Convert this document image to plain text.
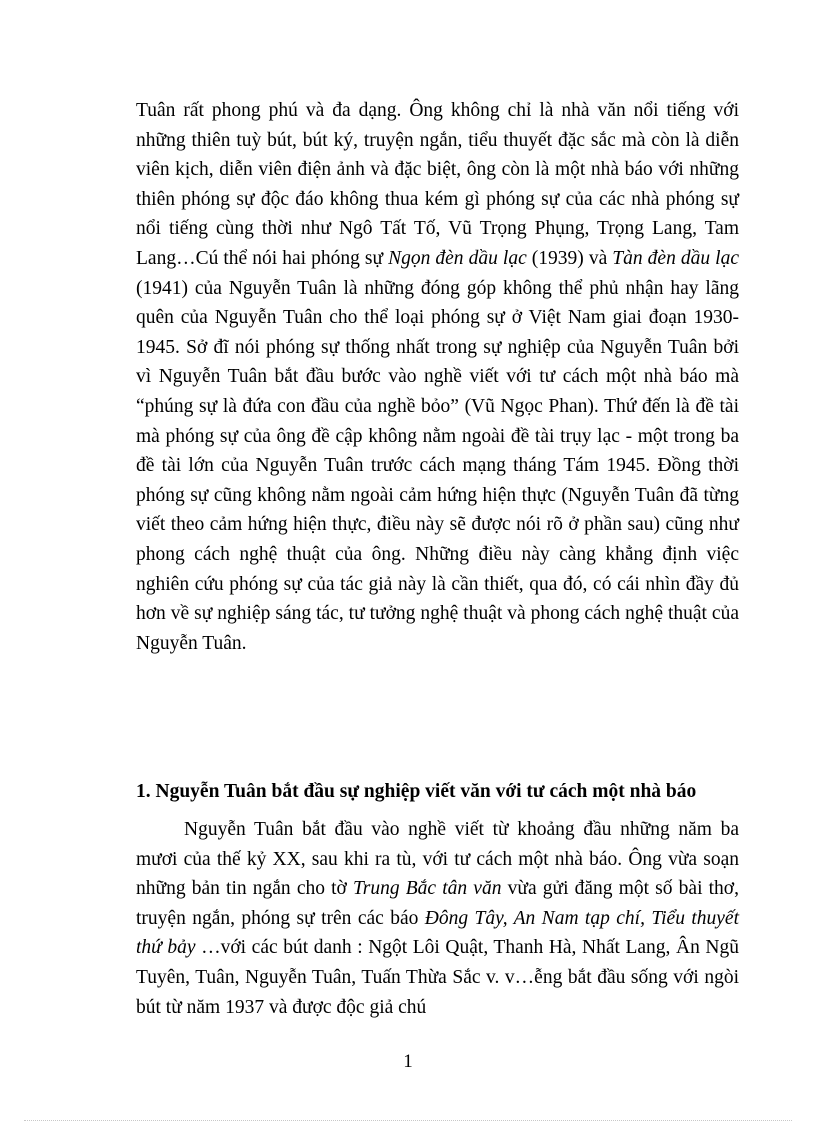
Tuân rất phong phú và đa dạng. Ông không chỉ là nhà văn nổi tiếng với những thiên tuỳ bút, bút ký, truyện ngắn, tiểu thuyết đặc sắc mà còn là diễn viên kịch, diễn viên điện ảnh và đặc biệt, ông còn là một nhà báo với những thiên phóng sự độc đáo không thua kém gì phóng sự của các nhà phóng sự nổi tiếng cùng thời như Ngô Tất Tố, Vũ Trọng Phụng, Trọng Lang, Tam Lang…Cú thể nói hai phóng sự Ngọn đèn dầu lạc (1939) và Tàn đèn dầu lạc (1941) của Nguyễn Tuân là những đóng góp không thể phủ nhận hay lãng quên của Nguyễn Tuân cho thể loại phóng sự ở Việt Nam giai đoạn 1930-1945. Sở đĩ nói phóng sự thống nhất trong sự nghiệp của Nguyễn Tuân bởi vì Nguyễn Tuân bắt đầu bước vào nghề viết với tư cách một nhà báo mà “phúng sự là đứa con đầu của nghề bỏo” (Vũ Ngọc Phan). Thứ đến là đề tài mà phóng sự của ông đề cập không nằm ngoài đề tài trụy lạc - một trong ba đề tài lớn của Nguyễn Tuân trước cách mạng tháng Tám 1945. Đồng thời phóng sự cũng không nằm ngoài cảm hứng hiện thực (Nguyễn Tuân đã từng viết theo cảm hứng hiện thực, điều này sẽ được nói rõ ở phần sau) cũng như phong cách nghệ thuật của ông. Những điều này càng khẳng định việc nghiên cứu phóng sự của tác giả này là cần thiết, qua đó, có cái nhìn đầy đủ hơn về sự nghiệp sáng tác, tư tưởng nghệ thuật và phong cách nghệ thuật của Nguyễn Tuân.

1. Nguyễn Tuân bắt đầu sự nghiệp viết văn với tư cách một nhà báo

Nguyễn Tuân bắt đầu vào nghề viết từ khoảng đầu những năm ba mươi của thế kỷ XX, sau khi ra tù, với tư cách một nhà báo. Ông vừa soạn những bản tin ngắn cho tờ Trung Bắc tân văn vừa gửi đăng một số bài thơ, truyện ngắn, phóng sự trên các báo Đông Tây, An Nam tạp chí, Tiểu thuyết thứ bảy …với các bút danh : Ngột Lôi Quật, Thanh Hà, Nhất Lang, Ân Ngũ Tuyên, Tuân, Nguyễn Tuân, Tuấn Thừa Sắc v. v…ễng bắt đầu sống với ngòi bút từ năm 1937 và được độc giả chú

1
